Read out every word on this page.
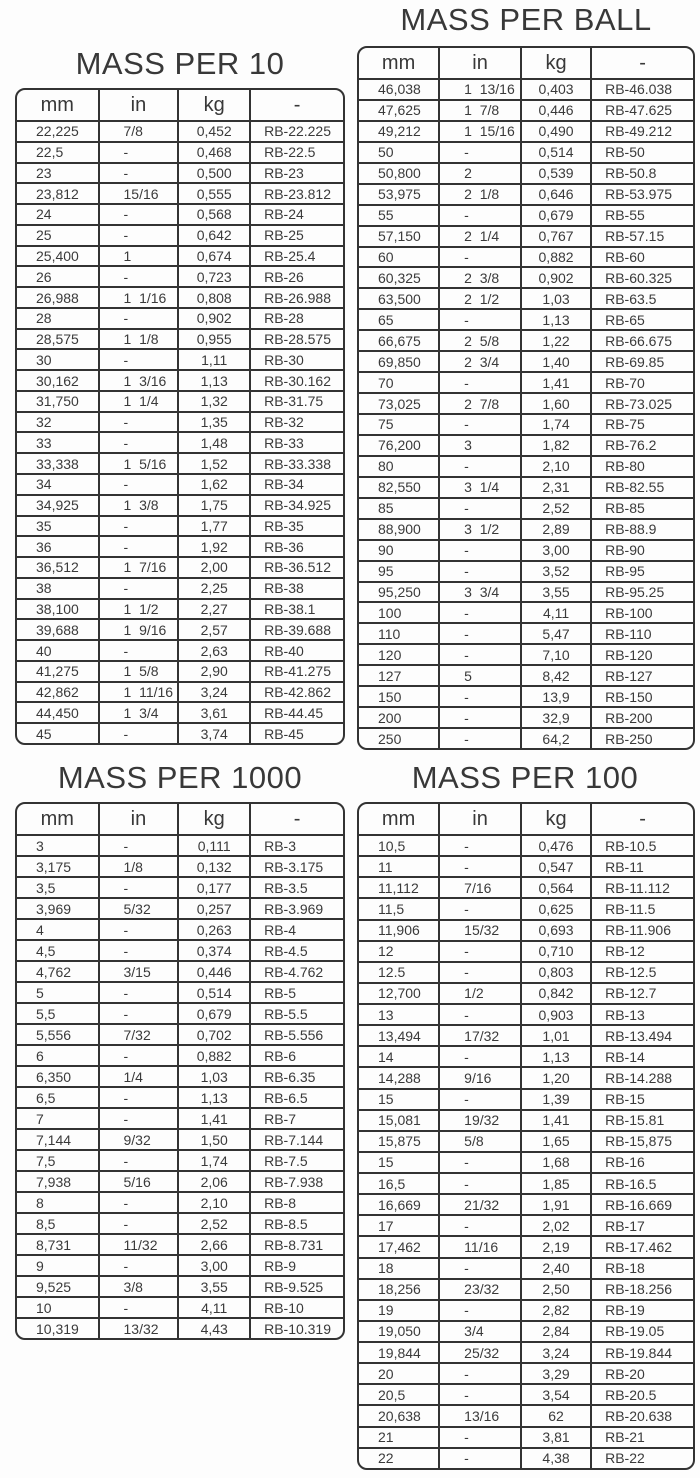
MASS PER BALL
MASS PER 10
mm	in	kg	-
22,225	7/8	0,452	RB-22.225
22,5	-	0,468	RB-22.5
23	-	0,500	RB-23
23,812	15/16	0,555	RB-23.812
24	-	0,568	RB-24
25	-	0,642	RB-25
25,400	1	0,674	RB-25.4
26	-	0,723	RB-26
26,988	1  1/16	0,808	RB-26.988
28	-	0,902	RB-28
28,575	1  1/8	0,955	RB-28.575
30	-	1,11	RB-30
30,162	1  3/16	1,13	RB-30.162
31,750	1  1/4	1,32	RB-31.75
32	-	1,35	RB-32
33	-	1,48	RB-33
33,338	1  5/16	1,52	RB-33.338
34	-	1,62	RB-34
34,925	1  3/8	1,75	RB-34.925
35	-	1,77	RB-35
36	-	1,92	RB-36
36,512	1  7/16	2,00	RB-36.512
38	-	2,25	RB-38
38,100	1  1/2	2,27	RB-38.1
39,688	1  9/16	2,57	RB-39.688
40	-	2,63	RB-40
41,275	1  5/8	2,90	RB-41.275
42,862	1  11/16	3,24	RB-42.862
44,450	1  3/4	3,61	RB-44.45
45	-	3,74	RB-45
mm	in	kg	-
46,038	1  13/16	0,403	RB-46.038
47,625	1  7/8	0,446	RB-47.625
49,212	1  15/16	0,490	RB-49.212
50	-	0,514	RB-50
50,800	2	0,539	RB-50.8
53,975	2  1/8	0,646	RB-53.975
55	-	0,679	RB-55
57,150	2  1/4	0,767	RB-57.15
60	-	0,882	RB-60
60,325	2  3/8	0,902	RB-60.325
63,500	2  1/2	1,03	RB-63.5
65	-	1,13	RB-65
66,675	2  5/8	1,22	RB-66.675
69,850	2  3/4	1,40	RB-69.85
70	-	1,41	RB-70
73,025	2  7/8	1,60	RB-73.025
75	-	1,74	RB-75
76,200	3	1,82	RB-76.2
80	-	2,10	RB-80
82,550	3  1/4	2,31	RB-82.55
85	-	2,52	RB-85
88,900	3  1/2	2,89	RB-88.9
90	-	3,00	RB-90
95	-	3,52	RB-95
95,250	3  3/4	3,55	RB-95.25
100	-	4,11	RB-100
110	-	5,47	RB-110
120	-	7,10	RB-120
127	5	8,42	RB-127
150	-	13,9	RB-150
200	-	32,9	RB-200
250	-	64,2	RB-250
MASS PER 1000	MASS PER 100
mm	in	kg	-
3	-	0,111	RB-3
3,175	1/8	0,132	RB-3.175
3,5	-	0,177	RB-3.5
3,969	5/32	0,257	RB-3.969
4	-	0,263	RB-4
4,5	-	0,374	RB-4.5
4,762	3/15	0,446	RB-4.762
5	-	0,514	RB-5
5,5	-	0,679	RB-5.5
5,556	7/32	0,702	RB-5.556
6	-	0,882	RB-6
6,350	1/4	1,03	RB-6.35
6,5	-	1,13	RB-6.5
7	-	1,41	RB-7
7,144	9/32	1,50	RB-7.144
7,5	-	1,74	RB-7.5
7,938	5/16	2,06	RB-7.938
8	-	2,10	RB-8
8,5	-	2,52	RB-8.5
8,731	11/32	2,66	RB-8.731
9	-	3,00	RB-9
9,525	3/8	3,55	RB-9.525
10	-	4,11	RB-10
10,319	13/32	4,43	RB-10.319
mm	in	kg	-
10,5	-	0,476	RB-10.5
11	-	0,547	RB-11
11,112	7/16	0,564	RB-11.112
11,5	-	0,625	RB-11.5
11,906	15/32	0,693	RB-11.906
12	-	0,710	RB-12
12.5	-	0,803	RB-12.5
12,700	1/2	0,842	RB-12.7
13	-	0,903	RB-13
13,494	17/32	1,01	RB-13.494
14	-	1,13	RB-14
14,288	9/16	1,20	RB-14.288
15	-	1,39	RB-15
15,081	19/32	1,41	RB-15.81
15,875	5/8	1,65	RB-15,875
15	-	1,68	RB-16
16,5	-	1,85	RB-16.5
16,669	21/32	1,91	RB-16.669
17	-	2,02	RB-17
17,462	11/16	2,19	RB-17.462
18	-	2,40	RB-18
18,256	23/32	2,50	RB-18.256
19	-	2,82	RB-19
19,050	3/4	2,84	RB-19.05
19,844	25/32	3,24	RB-19.844
20	-	3,29	RB-20
20,5	-	3,54	RB-20.5
20,638	13/16	62	RB-20.638
21	-	3,81	RB-21
22	-	4,38	RB-22
